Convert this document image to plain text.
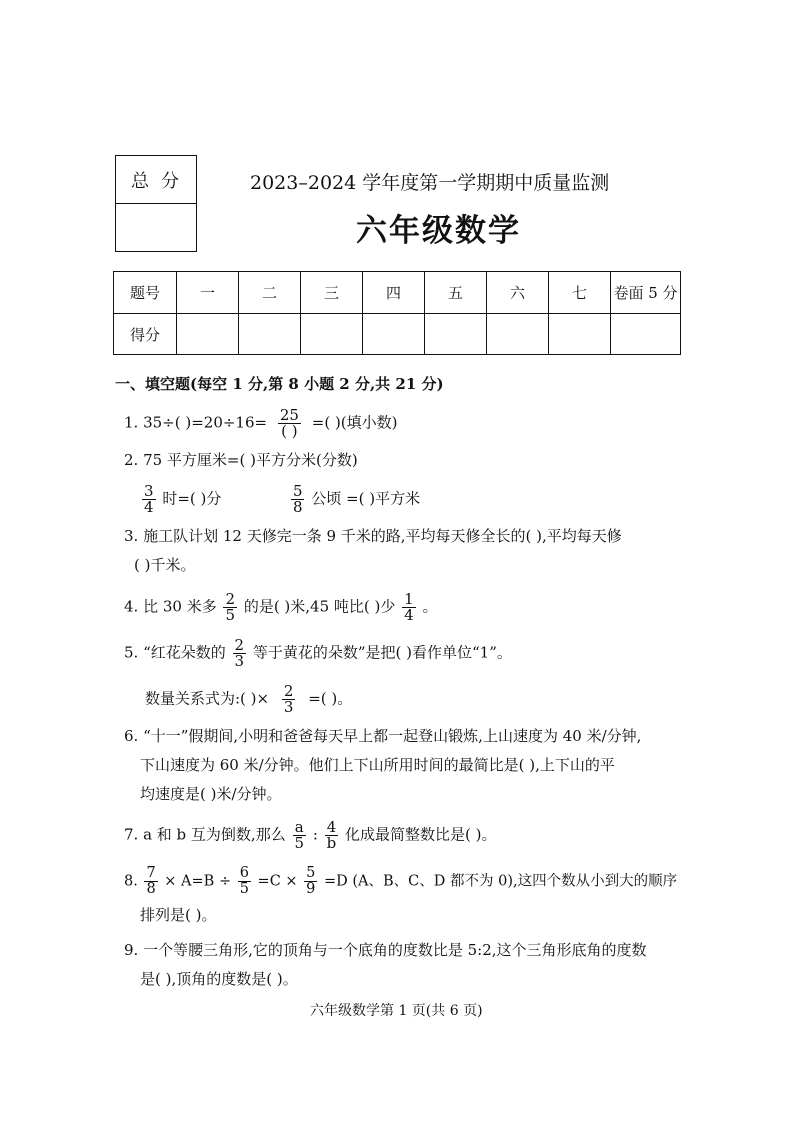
总分	2023–2024 学年度第一学期期中质量监测
六年级数学
题号	一	二	三	四	五	六	七	卷面 5 分
得分								
一、填空题(每空 1 分,第 8 小题 2 分,共 21 分)
1. 35÷( )$=20\div 16= \frac{25}{( )}$ =( )(填小数)
2. 75 平方厘米=( )平方分米(分数)
$\frac{3}{4}$ 时=( )分	$\frac{5}{8}$ 公顷 =( )平方米
3. 施工队计划 12 天修完一条 9 千米的路,平均每天修全长的( ),平均每天修
( )千米。
4. 比 30 米多 $\frac{2}{5}$ 的是( )米,45 吨比( )少 $\frac{1}{4}$ 。
5. “红花朵数的 $\frac{2}{3}$ 等于黄花的朵数”是把( )看作单位“1”。
数量关系式为:( )× $\frac{2}{3}$ =( )。
6. “十一”假期间,小明和爸爸每天早上都一起登山锻炼,上山速度为 40 米/分钟,
下山速度为 60 米/分钟。他们上下山所用时间的最简比是( ),上下山的平
均速度是( )米/分钟。
7. a 和 b 互为倒数,那么 $\frac{a}{5}$ : $\frac{4}{b}$ 化成最简整数比是( )。
8. $\frac{7}{8} \times A=B \div \frac{6}{5} =C \times \frac{5}{9} =D$ (A、B、C、D 都不为 0),这四个数从小到大的顺序
排列是( )。
9. 一个等腰三角形,它的顶角与一个底角的度数比是 5:2,这个三角形底角的度数
是( ),顶角的度数是( )。
六年级数学第 1 页(共 6 页)
